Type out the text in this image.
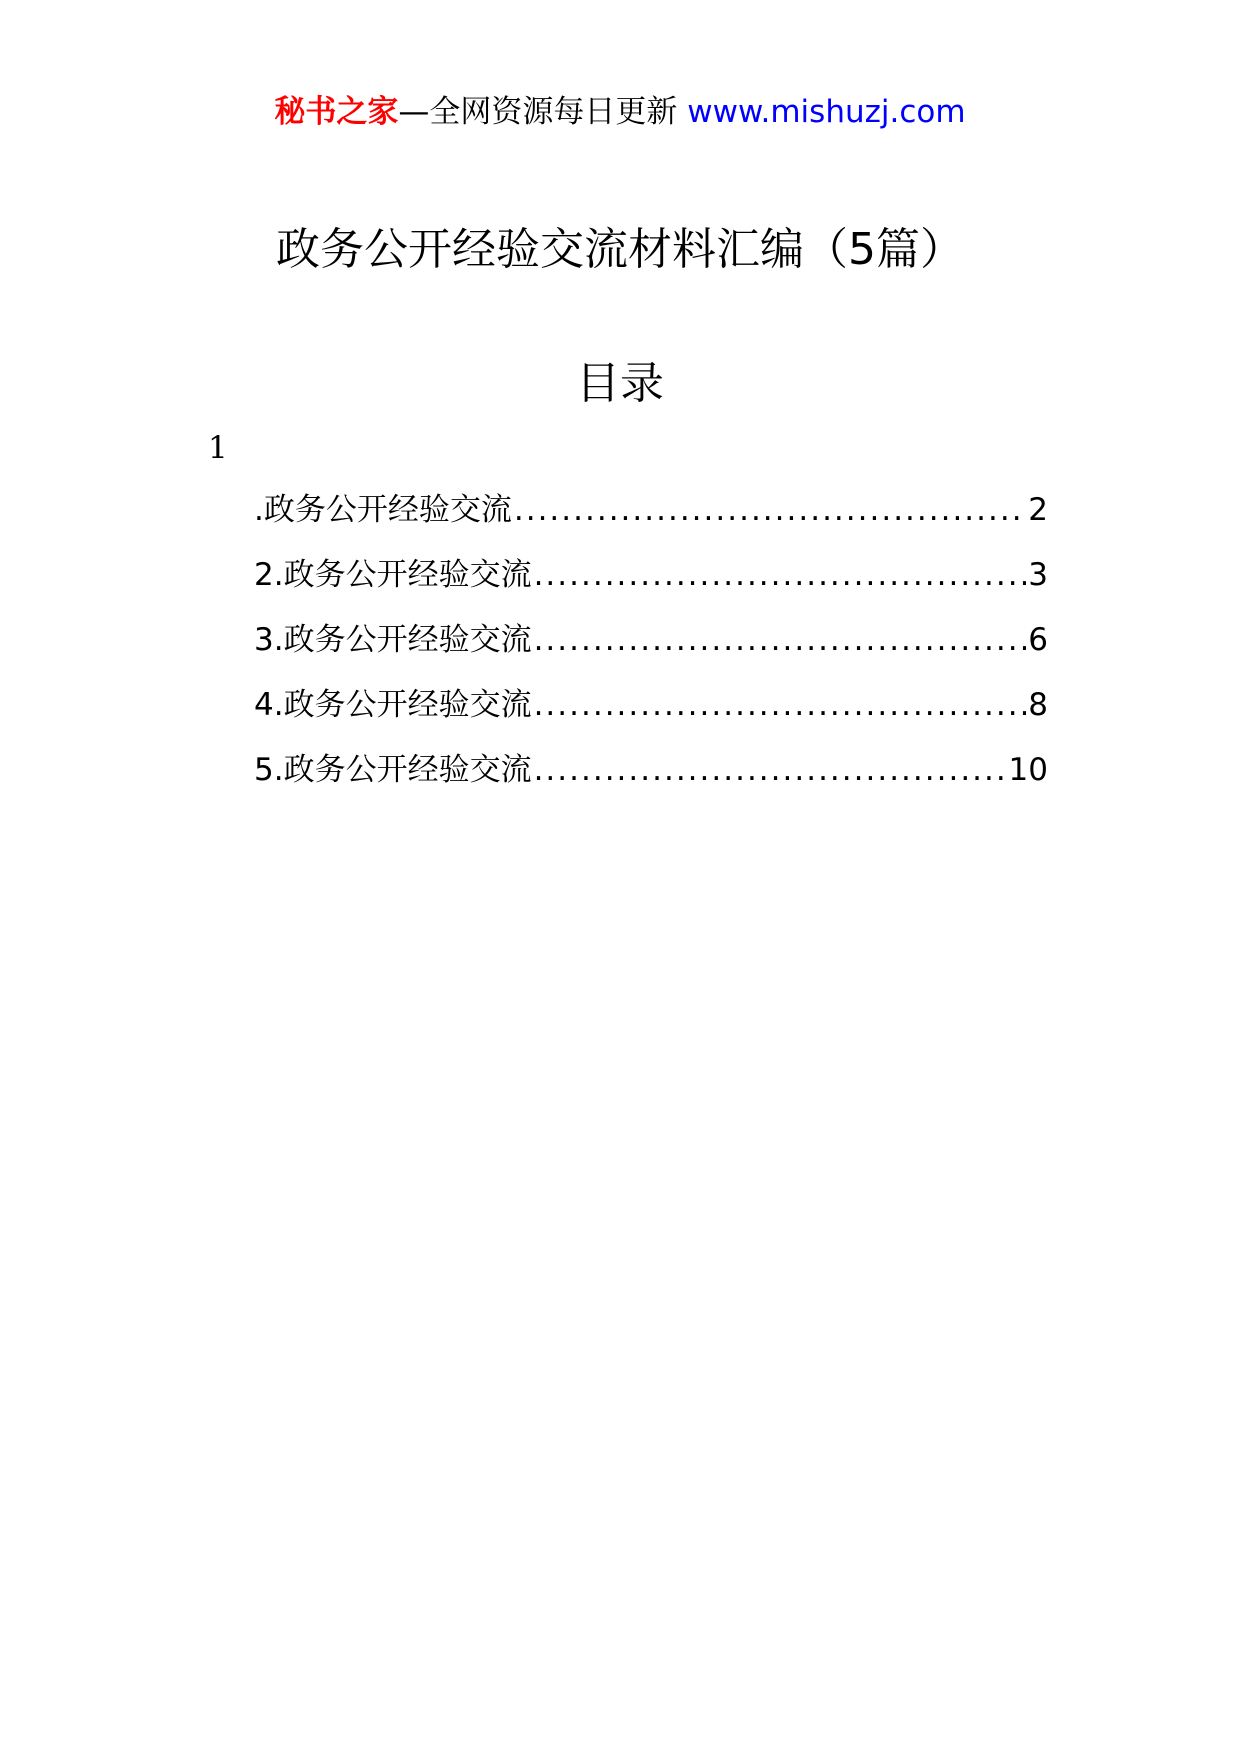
秘书之家—全网资源每日更新 www.mishuzj.com
政务公开经验交流材料汇编（5篇）
目录
1
.政务公开经验交流 .....	2
2.政务公开经验交流 .....	3
3.政务公开经验交流 .....	6
4.政务公开经验交流 .....	8
5.政务公开经验交流 .....	10
